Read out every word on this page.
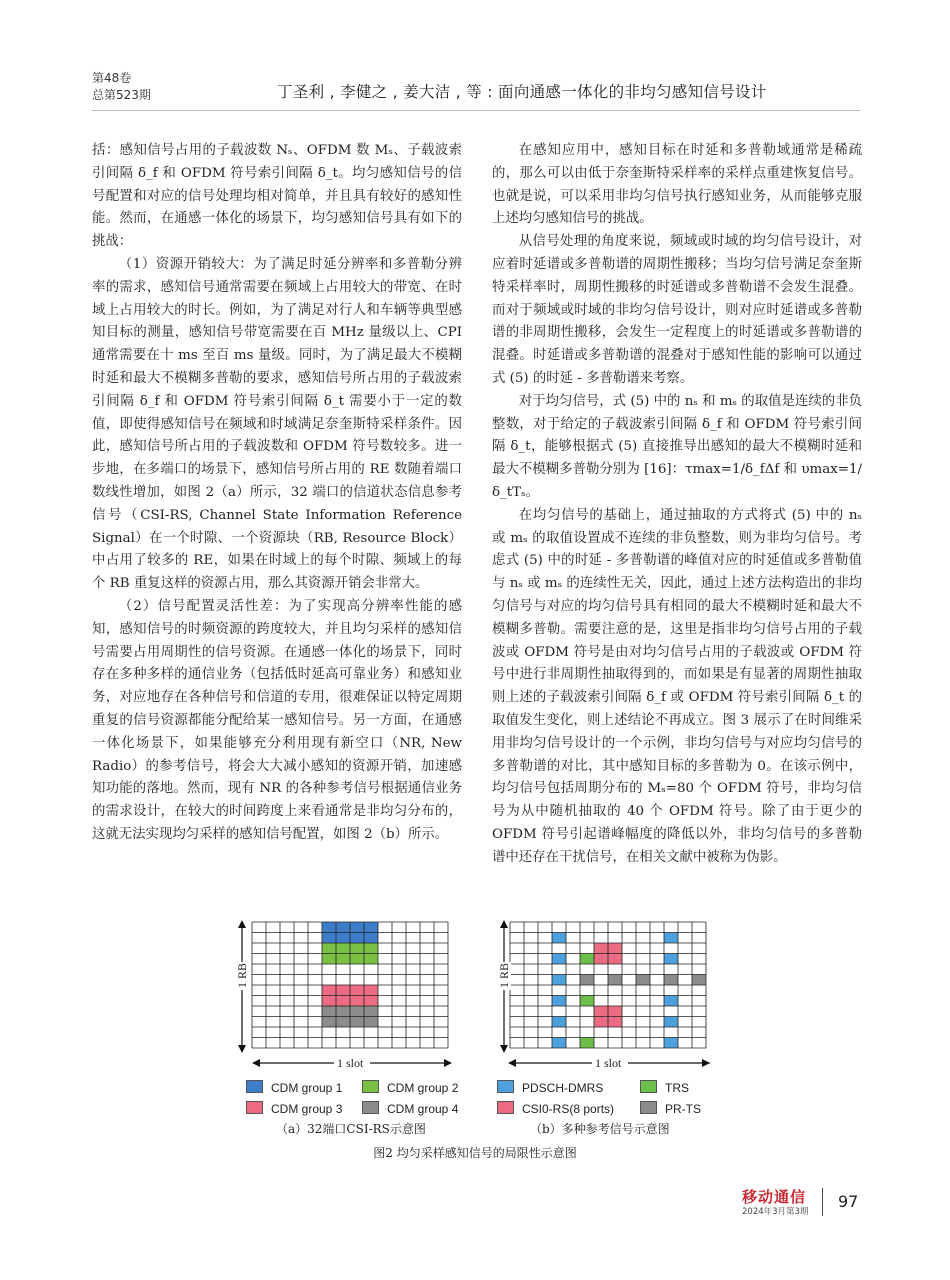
第48卷
总第523期	丁圣利 , 李健之 , 姜大洁 , 等 : 面向通感一体化的非均匀感知信号设计

括：感知信号占用的子载波数 Nₛ、OFDM 数 Mₛ、子载波索引间隔 δ_f 和 OFDM 符号索引间隔 δ_t。均匀感知信号的信号配置和对应的信号处理均相对简单，并且具有较好的感知性能。然而，在通感一体化的场景下，均匀感知信号具有如下的挑战：

（1）资源开销较大：为了满足时延分辨率和多普勒分辨率的需求，感知信号通常需要在频域上占用较大的带宽、在时域上占用较大的时长。例如，为了满足对行人和车辆等典型感知目标的测量，感知信号带宽需要在百 MHz 量级以上、CPI 通常需要在十 ms 至百 ms 量级。同时，为了满足最大不模糊时延和最大不模糊多普勒的要求，感知信号所占用的子载波索引间隔 δ_f 和 OFDM 符号索引间隔 δ_t 需要小于一定的数值，即使得感知信号在频域和时域满足奈奎斯特采样条件。因此，感知信号所占用的子载波数和 OFDM 符号数较多。进一步地，在多端口的场景下，感知信号所占用的 RE 数随着端口数线性增加，如图 2（a）所示，32 端口的信道状态信息参考信号（CSI-RS, Channel State Information Reference Signal）在一个时隙、一个资源块（RB, Resource Block）中占用了较多的 RE，如果在时域上的每个时隙、频域上的每个 RB 重复这样的资源占用，那么其资源开销会非常大。

（2）信号配置灵活性差：为了实现高分辨率性能的感知，感知信号的时频资源的跨度较大，并且均匀采样的感知信号需要占用周期性的信号资源。在通感一体化的场景下，同时存在多种多样的通信业务（包括低时延高可靠业务）和感知业务，对应地存在各种信号和信道的专用，很难保证以特定周期重复的信号资源都能分配给某一感知信号。另一方面，在通感一体化场景下，如果能够充分利用现有新空口（NR, New Radio）的参考信号，将会大大减小感知的资源开销，加速感知功能的落地。然而，现有 NR 的各种参考信号根据通信业务的需求设计，在较大的时间跨度上来看通常是非均匀分布的，这就无法实现均匀采样的感知信号配置，如图 2（b）所示。

在感知应用中，感知目标在时延和多普勒域通常是稀疏的，那么可以由低于奈奎斯特采样率的采样点重建恢复信号。也就是说，可以采用非均匀信号执行感知业务，从而能够克服上述均匀感知信号的挑战。

从信号处理的角度来说，频域或时域的均匀信号设计，对应着时延谱或多普勒谱的周期性搬移；当均匀信号满足奈奎斯特采样率时，周期性搬移的时延谱或多普勒谱不会发生混叠。而对于频域或时域的非均匀信号设计，则对应时延谱或多普勒谱的非周期性搬移，会发生一定程度上的时延谱或多普勒谱的混叠。时延谱或多普勒谱的混叠对于感知性能的影响可以通过式 (5) 的时延 - 多普勒谱来考察。

对于均匀信号，式 (5) 中的 nₛ 和 mₛ 的取值是连续的非负整数，对于给定的子载波索引间隔 δ_f 和 OFDM 符号索引间隔 δ_t，能够根据式 (5) 直接推导出感知的最大不模糊时延和最大不模糊多普勒分别为 [16]：τmax=1/δ_fΔf 和 υmax=1/δ_tTₛ。

在均匀信号的基础上，通过抽取的方式将式 (5) 中的 nₛ 或 mₛ 的取值设置成不连续的非负整数，则为非均匀信号。考虑式 (5) 中的时延 - 多普勒谱的峰值对应的时延值或多普勒值与 nₛ 或 mₛ 的连续性无关，因此，通过上述方法构造出的非均匀信号与对应的均匀信号具有相同的最大不模糊时延和最大不模糊多普勒。需要注意的是，这里是指非均匀信号占用的子载波或 OFDM 符号是由对均匀信号占用的子载波或 OFDM 符号中进行非周期性抽取得到的，而如果是有显著的周期性抽取则上述的子载波索引间隔 δ_f 或 OFDM 符号索引间隔 δ_t 的取值发生变化，则上述结论不再成立。图 3 展示了在时间维采用非均匀信号设计的一个示例，非均匀信号与对应均匀信号的多普勒谱的对比，其中感知目标的多普勒为 0。在该示例中，均匀信号包括周期分布的 Mₛ=80 个 OFDM 符号，非均匀信号为从中随机抽取的 40 个 OFDM 符号。除了由于更少的 OFDM 符号引起谱峰幅度的降低以外，非均匀信号的多普勒谱中还存在干扰信号，在相关文献中被称为伪影。

1 RB
1 slot
1 RB
1 slot
CDM group 1	CDM group 2
CDM group 3	CDM group 4
PDSCH-DMRS	TRS
CSI0-RS(8 ports)	PR-TS
（a）32端口CSI-RS示意图	（b）多种参考信号示意图
图2 均匀采样感知信号的局限性示意图
移动通信
2024年3月第3期
97
